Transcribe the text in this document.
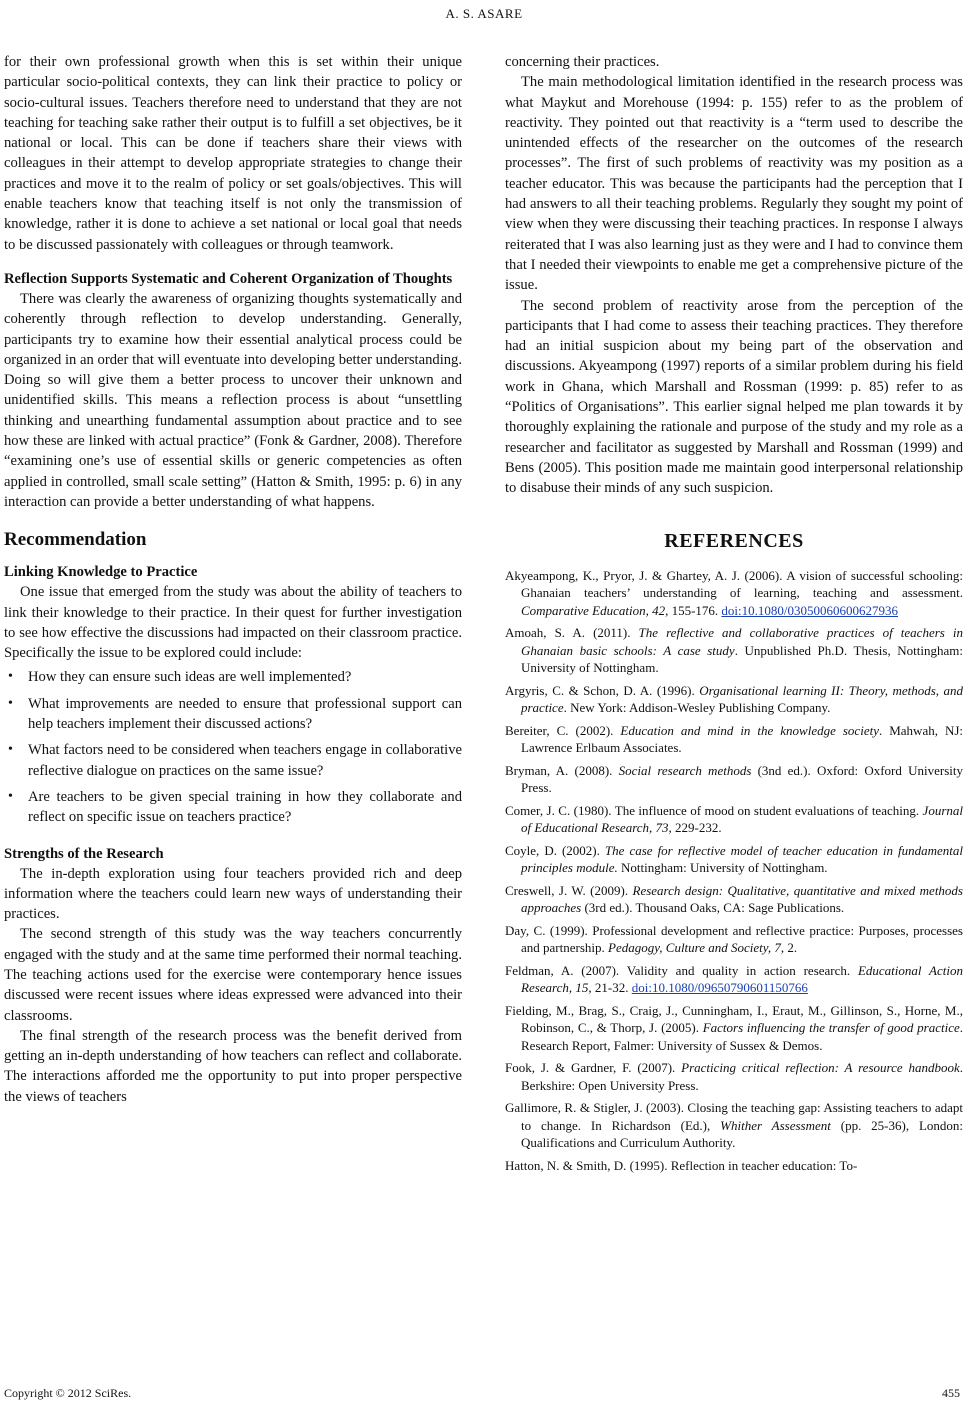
A. S. ASARE

for their own professional growth when this is set within their unique particular socio-political contexts, they can link their practice to policy or socio-cultural issues. Teachers therefore need to understand that they are not teaching for teaching sake rather their output is to fulfill a set objectives, be it national or local. This can be done if teachers share their views with colleagues in their attempt to develop appropriate strategies to change their practices and move it to the realm of policy or set goals/objectives. This will enable teachers know that teaching itself is not only the transmission of knowledge, rather it is done to achieve a set national or local goal that needs to be discussed passionately with colleagues or through teamwork.

Reflection Supports Systematic and Coherent Organization of Thoughts

There was clearly the awareness of organizing thoughts systematically and coherently through reflection to develop understanding. Generally, participants try to examine how their essential analytical process could be organized in an order that will eventuate into developing better understanding. Doing so will give them a better process to uncover their unknown and unidentified skills. This means a reflection process is about “unsettling thinking and unearthing fundamental assumption about practice and to see how these are linked with actual practice” (Fonk & Gardner, 2008). Therefore “examining one’s use of essential skills or generic competencies as often applied in controlled, small scale setting” (Hatton & Smith, 1995: p. 6) in any interaction can provide a better understanding of what happens.

Recommendation
Linking Knowledge to Practice

One issue that emerged from the study was about the ability of teachers to link their knowledge to their practice. In their quest for further investigation to see how effective the discussions had impacted on their classroom practice. Specifically the issue to be explored could include:

• How they can ensure such ideas are well implemented?
• What improvements are needed to ensure that professional support can help teachers implement their discussed actions?
• What factors need to be considered when teachers engage in collaborative reflective dialogue on practices on the same issue?
• Are teachers to be given special training in how they collaborate and reflect on specific issue on teachers practice?
Strengths of the Research

The in-depth exploration using four teachers provided rich and deep information where the teachers could learn new ways of understanding their practices.

The second strength of this study was the way teachers concurrently engaged with the study and at the same time performed their normal teaching. The teaching actions used for the exercise were contemporary hence issues discussed were recent issues where ideas expressed were advanced into their classrooms.

The final strength of the research process was the benefit derived from getting an in-depth understanding of how teachers can reflect and collaborate. The interactions afforded me the opportunity to put into proper perspective the views of teachers

concerning their practices.

The main methodological limitation identified in the research process was what Maykut and Morehouse (1994: p. 155) refer to as the problem of reactivity. They pointed out that reactivity is a “term used to describe the unintended effects of the researcher on the outcomes of the research processes”. The first of such problems of reactivity was my position as a teacher educator. This was because the participants had the perception that I had answers to all their teaching problems. Regularly they sought my point of view when they were discussing their teaching practices. In response I always reiterated that I was also learning just as they were and I had to convince them that I needed their viewpoints to enable me get a comprehensive picture of the issue.

The second problem of reactivity arose from the perception of the participants that I had come to assess their teaching practices. They therefore had an initial suspicion about my being part of the observation and discussions. Akyeampong (1997) reports of a similar problem during his field work in Ghana, which Marshall and Rossman (1999: p. 85) refer to as “Politics of Organisations”. This earlier signal helped me plan towards it by thoroughly explaining the rationale and purpose of the study and my role as a researcher and facilitator as suggested by Marshall and Rossman (1999) and Bens (2005). This position made me maintain good interpersonal relationship to disabuse their minds of any such suspicion.

REFERENCES

Akyeampong, K., Pryor, J. & Ghartey, A. J. (2006). A vision of successful schooling: Ghanaian teachers’ understanding of learning, teaching and assessment. Comparative Education, 42, 155-176. doi:10.1080/03050060600627936

Amoah, S. A. (2011). The reflective and collaborative practices of teachers in Ghanaian basic schools: A case study. Unpublished Ph.D. Thesis, Nottingham: University of Nottingham.

Argyris, C. & Schon, D. A. (1996). Organisational learning II: Theory, methods, and practice. New York: Addison-Wesley Publishing Company.

Bereiter, C. (2002). Education and mind in the knowledge society. Mahwah, NJ: Lawrence Erlbaum Associates.

Bryman, A. (2008). Social research methods (3nd ed.). Oxford: Oxford University Press.

Comer, J. C. (1980). The influence of mood on student evaluations of teaching. Journal of Educational Research, 73, 229-232.

Coyle, D. (2002). The case for reflective model of teacher education in fundamental principles module. Nottingham: University of Nottingham.

Creswell, J. W. (2009). Research design: Qualitative, quantitative and mixed methods approaches (3rd ed.). Thousand Oaks, CA: Sage Publications.

Day, C. (1999). Professional development and reflective practice: Purposes, processes and partnership. Pedagogy, Culture and Society, 7, 2.

Feldman, A. (2007). Validity and quality in action research. Educational Action Research, 15, 21-32. doi:10.1080/09650790601150766

Fielding, M., Brag, S., Craig, J., Cunningham, I., Eraut, M., Gillinson, S., Horne, M., Robinson, C., & Thorp, J. (2005). Factors influencing the transfer of good practice. Research Report, Falmer: University of Sussex & Demos.

Fook, J. & Gardner, F. (2007). Practicing critical reflection: A resource handbook. Berkshire: Open University Press.

Gallimore, R. & Stigler, J. (2003). Closing the teaching gap: Assisting teachers to adapt to change. In Richardson (Ed.), Whither Assessment (pp. 25-36), London: Qualifications and Curriculum Authority.

Hatton, N. & Smith, D. (1995). Reflection in teacher education: To-

Copyright © 2012 SciRes.	455
